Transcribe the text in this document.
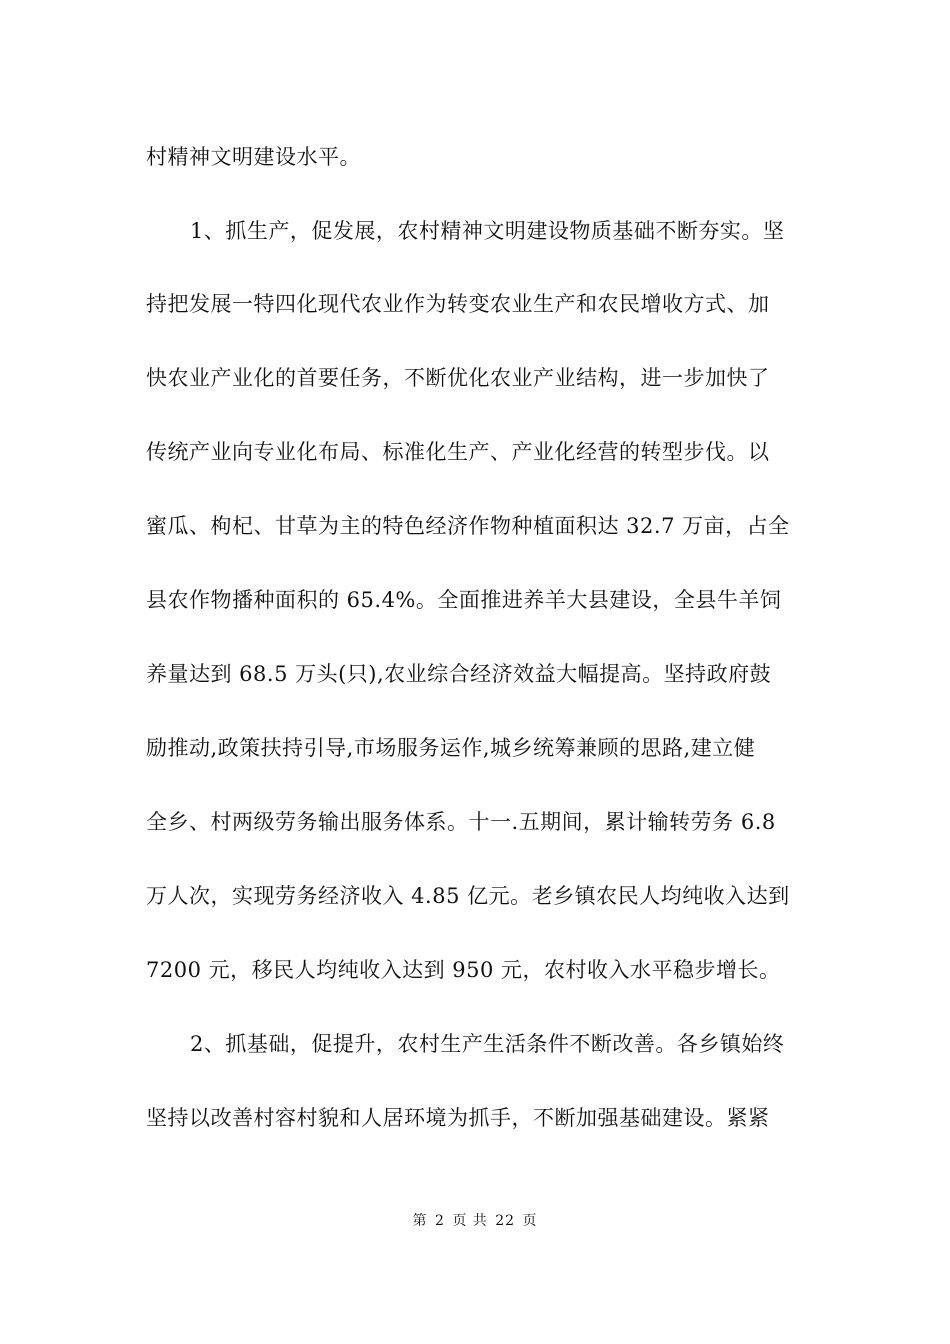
村精神文明建设水平。
1、抓生产，促发展，农村精神文明建设物质基础不断夯实。坚
持把发展一特四化现代农业作为转变农业生产和农民增收方式、加
快农业产业化的首要任务，不断优化农业产业结构，进一步加快了
传统产业向专业化布局、标准化生产、产业化经营的转型步伐。以
蜜瓜、枸杞、甘草为主的特色经济作物种植面积达 32.7 万亩，占全
县农作物播种面积的 65.4%。全面推进养羊大县建设，全县牛羊饲
养量达到 68.5 万头(只),农业综合经济效益大幅提高。坚持政府鼓
励推动,政策扶持引导,市场服务运作,城乡统筹兼顾的思路,建立健
全乡、村两级劳务输出服务体系。十一.五期间，累计输转劳务 6.8
万人次，实现劳务经济收入 4.85 亿元。老乡镇农民人均纯收入达到
7200 元，移民人均纯收入达到 950 元，农村收入水平稳步增长。
2、抓基础，促提升，农村生产生活条件不断改善。各乡镇始终
坚持以改善村容村貌和人居环境为抓手，不断加强基础建设。紧紧
第 2 页 共 22 页
